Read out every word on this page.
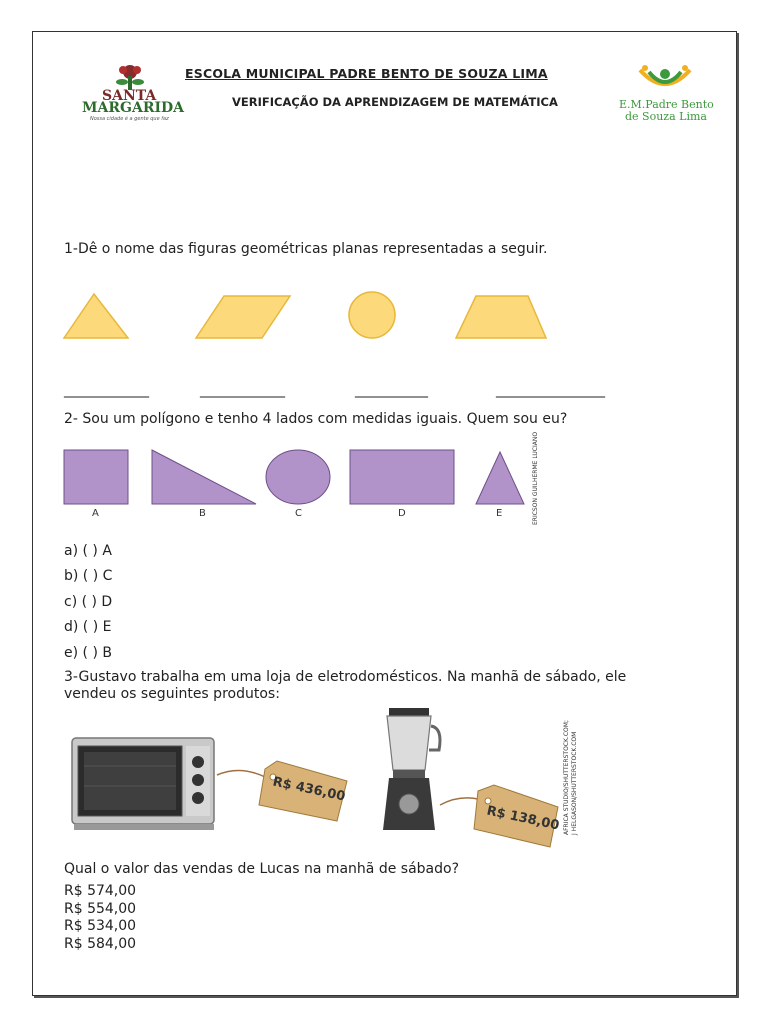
SANTA
MARGARIDA
Nossa cidade é a gente que faz
ESCOLA MUNICIPAL PADRE BENTO DE SOUZA LIMA
VERIFICAÇÃO DA APRENDIZAGEM DE MATEMÁTICA	E.M.Padre Bento
de Souza Lima
1-Dê o nome das figuras geométricas planas representadas a seguir.
______________	______________	____________	__________________
2- Sou um polígono e tenho 4 lados com medidas iguais. Quem sou eu?
A	B	C	D	E	ERICSON GUILHERME LUCIANO
a) ( ) A
b) ( ) C
c) ( ) D
d) ( ) E
e) ( ) B
3-Gustavo trabalha em uma loja de eletrodomésticos. Na manhã de sábado, ele
vendeu os seguintes produtos:
R$ 436,00
R$ 138,00 AFRICA STUDIO/SHUTTERSTOCK.COM; J HELGASON/SHUTTERSTOCK.COM
Qual o valor das vendas de Lucas na manhã de sábado?
R$ 574,00
R$ 554,00
R$ 534,00
R$ 584,00
